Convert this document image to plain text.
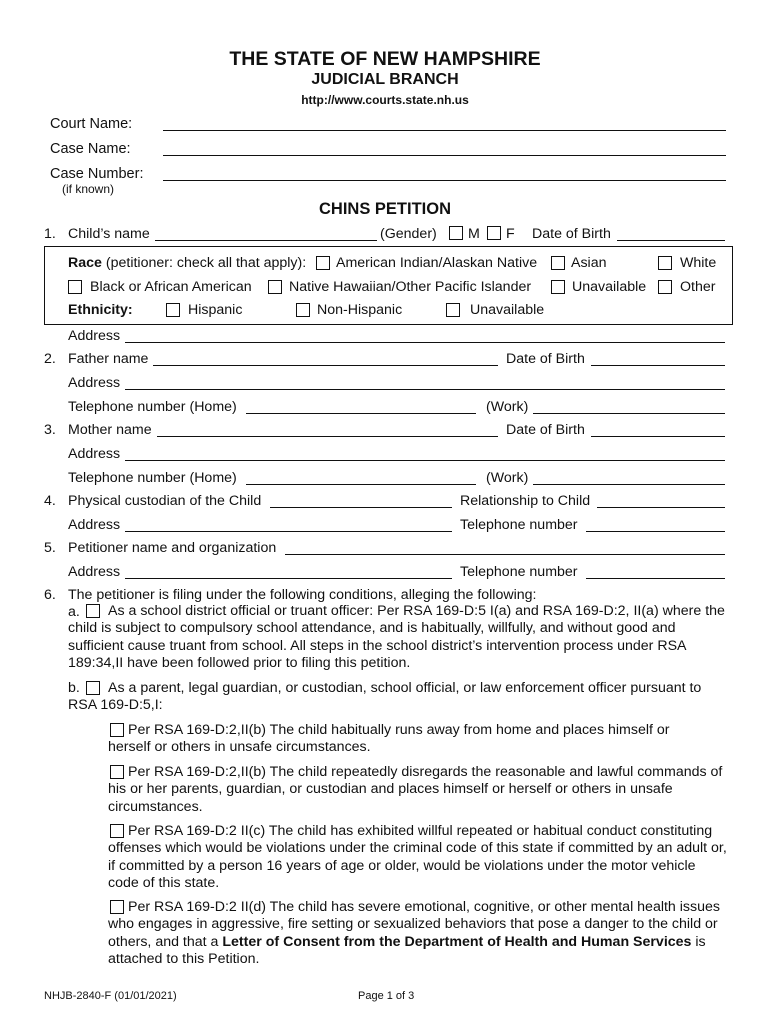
THE STATE OF NEW HAMPSHIRE
JUDICIAL BRANCH
http://www.courts.state.nh.us
Court Name:
Case Name:
Case Number:
(if known)
CHINS PETITION
1. Child’s name	(Gender) M F Date of Birth
Race (petitioner: check all that apply): American Indian/Alaskan Native Asian	White
Black or African American	Native Hawaiian/Other Pacific Islander	Unavailable Other
Ethnicity:	Hispanic	Non-Hispanic	Unavailable
Address
2. Father name	Date of Birth
Address
Telephone number (Home)	(Work)
3. Mother name	Date of Birth
Address
Telephone number (Home)	(Work)
4. Physical custodian of the Child	Relationship to Child
Address	Telephone number
5. Petitioner name and organization
Address	Telephone number
6. The petitioner is filing under the following conditions, alleging the following:
a.	As a school district official or truant officer: Per RSA 169-D:5 I(a) and RSA 169-D:2, II(a) where the child is subject to compulsory school attendance, and is habitually, willfully, and without good and sufficient cause truant from school. All steps in the school district’s intervention process under RSA 189:34,II have been followed prior to filing this petition.
b.	As a parent, legal guardian, or custodian, school official, or law enforcement officer pursuant to RSA 169-D:5,I:
Per RSA 169-D:2,II(b) The child habitually runs away from home and places himself or herself or others in unsafe circumstances.
Per RSA 169-D:2,II(b) The child repeatedly disregards the reasonable and lawful commands of his or her parents, guardian, or custodian and places himself or herself or others in unsafe circumstances.
Per RSA 169-D:2 II(c) The child has exhibited willful repeated or habitual conduct constituting offenses which would be violations under the criminal code of this state if committed by an adult or, if committed by a person 16 years of age or older, would be violations under the motor vehicle code of this state.
Per RSA 169-D:2 II(d) The child has severe emotional, cognitive, or other mental health issues who engages in aggressive, fire setting or sexualized behaviors that pose a danger to the child or others, and that a Letter of Consent from the Department of Health and Human Services is attached to this Petition.
NHJB-2840-F (01/01/2021)	Page 1 of 3
